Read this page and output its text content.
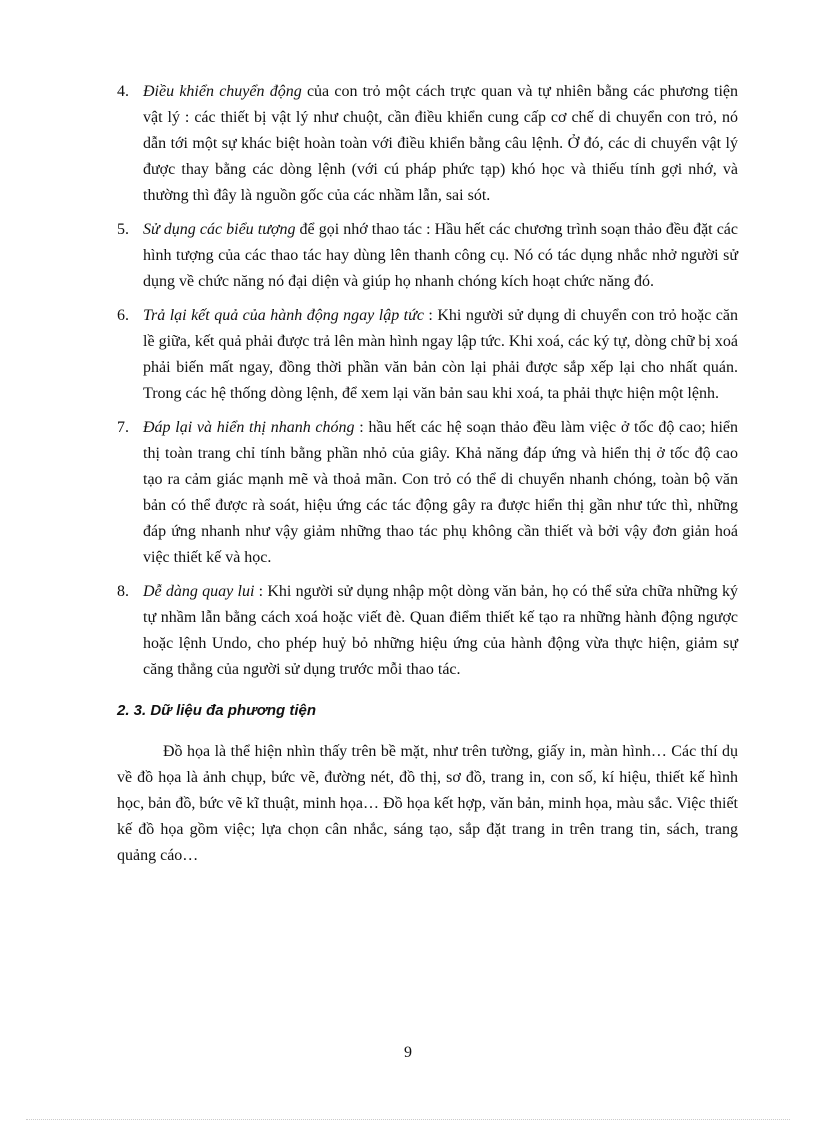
4. Điều khiển chuyển động của con trỏ một cách trực quan và tự nhiên bằng các phương tiện vật lý : các thiết bị vật lý như chuột, cần điều khiển cung cấp cơ chế di chuyển con trỏ, nó dẫn tới một sự khác biệt hoàn toàn với điều khiển bằng câu lệnh. Ở đó, các di chuyển vật lý được thay bằng các dòng lệnh (với cú pháp phức tạp) khó học và thiếu tính gợi nhớ, và thường thì đây là nguồn gốc của các nhầm lẫn, sai sót.
5. Sử dụng các biểu tượng để gọi nhớ thao tác : Hầu hết các chương trình soạn thảo đều đặt các hình tượng của các thao tác hay dùng lên thanh công cụ. Nó có tác dụng nhắc nhở người sử dụng về chức năng nó đại diện và giúp họ nhanh chóng kích hoạt chức năng đó.
6. Trả lại kết quả của hành động ngay lập tức : Khi người sử dụng di chuyển con trỏ hoặc căn lề giữa, kết quả phải được trả lên màn hình ngay lập tức. Khi xoá, các ký tự, dòng chữ bị xoá phải biến mất ngay, đồng thời phần văn bản còn lại phải được sắp xếp lại cho nhất quán. Trong các hệ thống dòng lệnh, để xem lại văn bản sau khi xoá, ta phải thực hiện một lệnh.
7. Đáp lại và hiển thị nhanh chóng : hầu hết các hệ soạn thảo đều làm việc ở tốc độ cao; hiển thị toàn trang chỉ tính bằng phần nhỏ của giây. Khả năng đáp ứng và hiển thị ở tốc độ cao tạo ra cảm giác mạnh mẽ và thoả mãn. Con trỏ có thể di chuyển nhanh chóng, toàn bộ văn bản có thể được rà soát, hiệu ứng các tác động gây ra được hiển thị gần như tức thì, những đáp ứng nhanh như vậy giảm những thao tác phụ không cần thiết và bởi vậy đơn giản hoá việc thiết kế và học.
8. Dễ dàng quay lui : Khi người sử dụng nhập một dòng văn bản, họ có thể sửa chữa những ký tự nhầm lẫn bằng cách xoá hoặc viết đè. Quan điểm thiết kế tạo ra những hành động ngược hoặc lệnh Undo, cho phép huỷ bỏ những hiệu ứng của hành động vừa thực hiện, giảm sự căng thẳng của người sử dụng trước mỗi thao tác.
2. 3. Dữ liệu đa phương tiện
Đồ họa là thể hiện nhìn thấy trên bề mặt, như trên tường, giấy in, màn hình… Các thí dụ về đồ họa là ảnh chụp, bức vẽ, đường nét, đồ thị, sơ đồ, trang in, con số, kí hiệu, thiết kế hình học, bản đồ, bức vẽ kĩ thuật, minh họa… Đồ họa kết hợp, văn bản, minh họa, màu sắc. Việc thiết kế đồ họa gồm việc; lựa chọn cân nhắc, sáng tạo, sắp đặt trang in trên trang tin, sách, trang quảng cáo…
9
